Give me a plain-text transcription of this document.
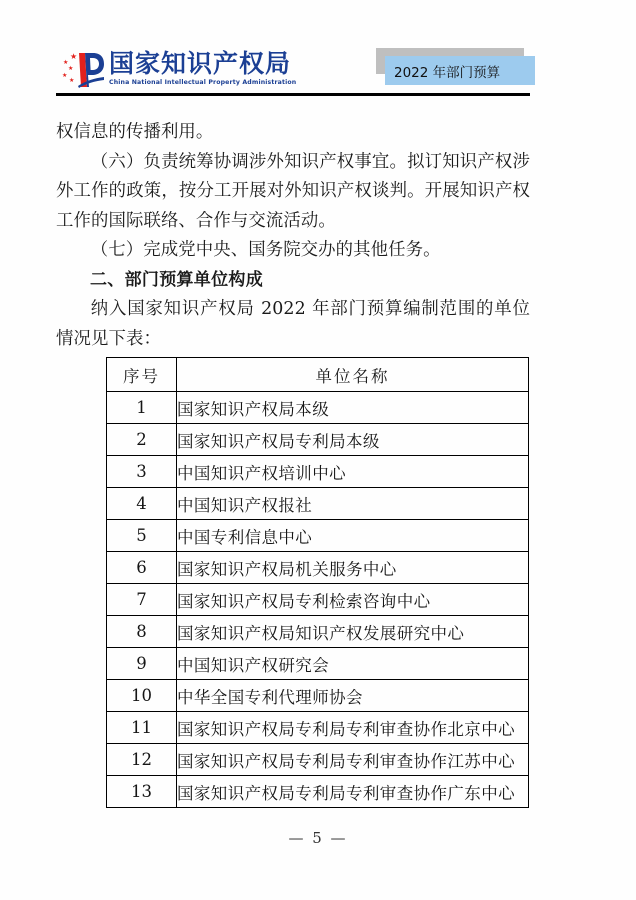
★
★
★
★
★
国家知识产权局
China National Intellectual Property Administration
2022 年部门预算

权信息的传播利用。

（六）负责统筹协调涉外知识产权事宜。拟订知识产权涉外工作的政策，按分工开展对外知识产权谈判。开展知识产权工作的国际联络、合作与交流活动。

（七）完成党中央、国务院交办的其他任务。

二、部门预算单位构成

纳入国家知识产权局 2022 年部门预算编制范围的单位情况见下表：

序号	单位名称
1	国家知识产权局本级
2	国家知识产权局专利局本级
3	中国知识产权培训中心
4	中国知识产权报社
5	中国专利信息中心
6	国家知识产权局机关服务中心
7	国家知识产权局专利检索咨询中心
8	国家知识产权局知识产权发展研究中心
9	中国知识产权研究会
10	中华全国专利代理师协会
11	国家知识产权局专利局专利审查协作北京中心
12	国家知识产权局专利局专利审查协作江苏中心
13	国家知识产权局专利局专利审查协作广东中心
— 5 —
